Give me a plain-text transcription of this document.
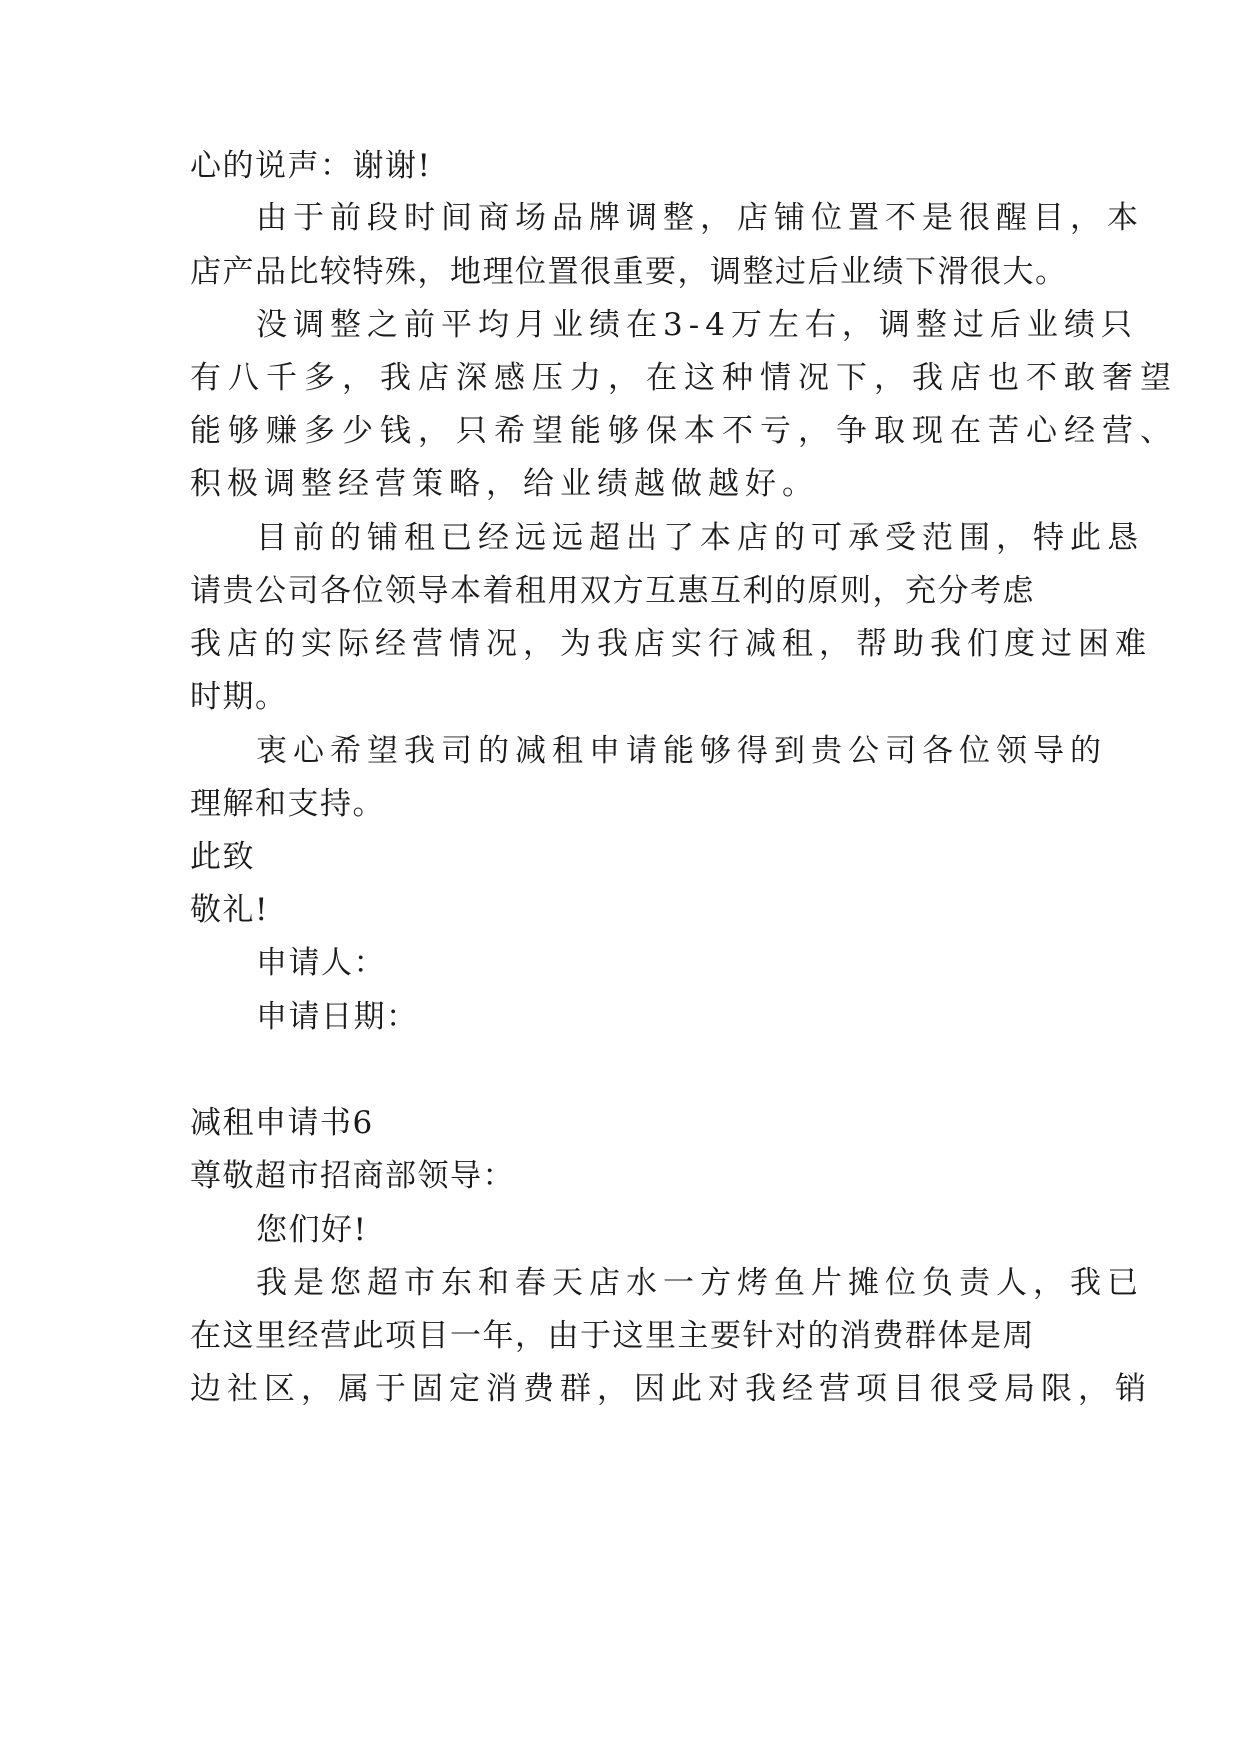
心的说声：谢谢!
由于前段时间商场品牌调整，店铺位置不是很醒目，本
店产品比较特殊，地理位置很重要，调整过后业绩下滑很大。
没调整之前平均月业绩在3-4万左右，调整过后业绩只
有八千多，我店深感压力，在这种情况下，我店也不敢奢望
能够赚多少钱，只希望能够保本不亏，争取现在苦心经营、
积极调整经营策略，给业绩越做越好。
目前的铺租已经远远超出了本店的可承受范围，特此恳
请贵公司各位领导本着租用双方互惠互利的原则，充分考虑
我店的实际经营情况，为我店实行减租，帮助我们度过困难
时期。
衷心希望我司的减租申请能够得到贵公司各位领导的
理解和支持。
此致
敬礼!
申请人：
申请日期：
减租申请书6
尊敬超市招商部领导：
您们好!
我是您超市东和春天店水一方烤鱼片摊位负责人，我已
在这里经营此项目一年，由于这里主要针对的消费群体是周
边社区，属于固定消费群，因此对我经营项目很受局限，销
